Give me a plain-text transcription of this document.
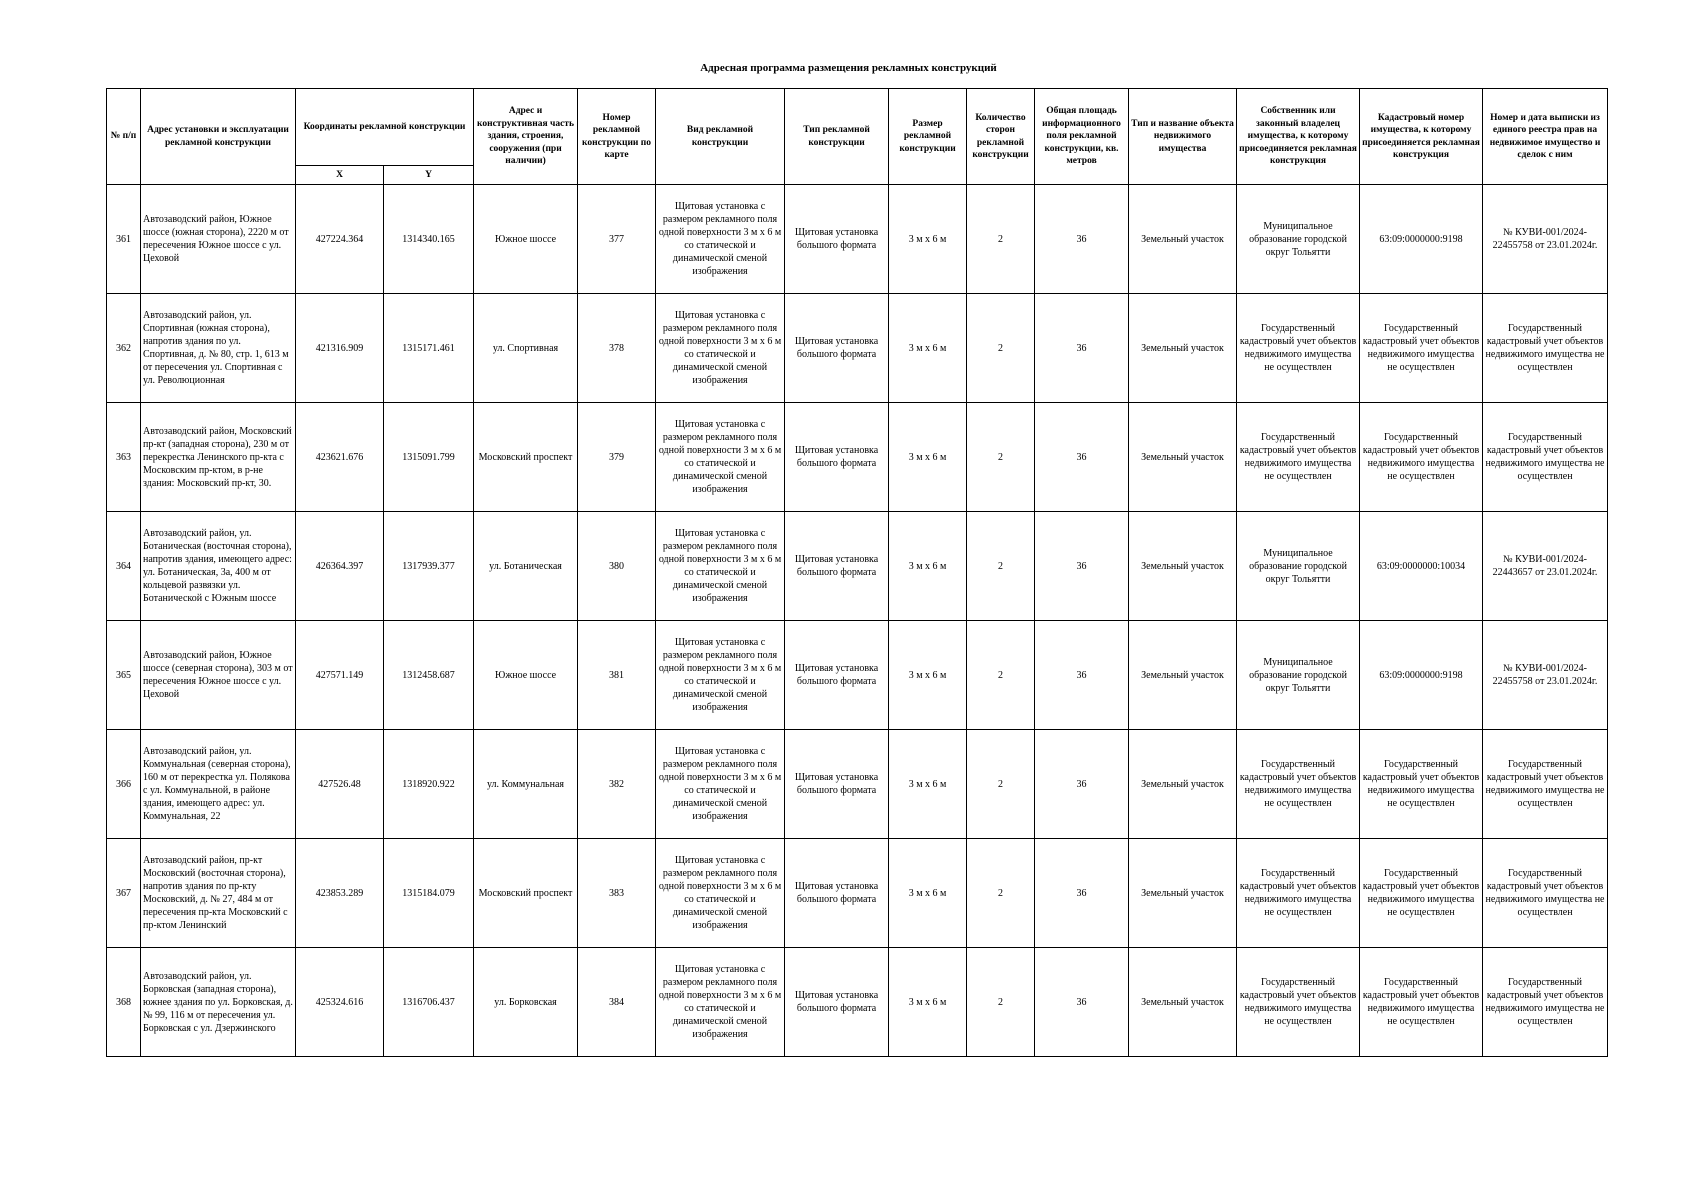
Адресная программа размещения рекламных конструкций
№ п/п	Адрес установки и эксплуатации рекламной конструкции	Координаты рекламной конструкции		Адрес и конструктивная часть здания, строения, сооружения (при наличии)	Номер рекламной конструкции по карте	Вид рекламной конструкции	Тип рекламной конструкции	Размер рекламной конструкции	Количество сторон рекламной конструкции	Общая площадь информационного поля рекламной конструкции, кв. метров	Тип и название объекта недвижимого имущества	Собственник или законный владелец имущества, к которому присоединяется рекламная конструкция	Кадастровый номер имущества, к которому присоединяется рекламная конструкция	Номер и дата выписки из единого реестра прав на недвижимое имущество и сделок с ним
		X	Y											
361	Автозаводский район, Южное шоссе (южная сторона), 2220 м от пересечения Южное шоссе с ул. Цеховой	427224.364	1314340.165	Южное шоссе	377	Щитовая установка с размером рекламного поля одной поверхности 3 м х 6 м со статической и динамической сменой изображения	Щитовая установка большого формата	3 м х 6 м	2	36	Земельный участок	Муниципальное образование городской округ Тольятти	63:09:0000000:9198	№ КУВИ-001/2024-22455758 от 23.01.2024г.
362	Автозаводский район, ул. Спортивная (южная сторона), напротив здания по ул. Спортивная, д. № 80, стр. 1, 613 м от пересечения ул. Спортивная с ул. Революционная	421316.909	1315171.461	ул. Спортивная	378	Щитовая установка с размером рекламного поля одной поверхности 3 м х 6 м со статической и динамической сменой изображения	Щитовая установка большого формата	3 м х 6 м	2	36	Земельный участок	Государственный кадастровый учет объектов недвижимого имущества не осуществлен	Государственный кадастровый учет объектов недвижимого имущества не осуществлен	Государственный кадастровый учет объектов недвижимого имущества не осуществлен
363	Автозаводский район, Московский пр-кт (западная сторона), 230 м от перекрестка Ленинского пр-кта с Московским пр-ктом, в р-не здания: Московский пр-кт, 30.	423621.676	1315091.799	Московский проспект	379	Щитовая установка с размером рекламного поля одной поверхности 3 м х 6 м со статической и динамической сменой изображения	Щитовая установка большого формата	3 м х 6 м	2	36	Земельный участок	Государственный кадастровый учет объектов недвижимого имущества не осуществлен	Государственный кадастровый учет объектов недвижимого имущества не осуществлен	Государственный кадастровый учет объектов недвижимого имущества не осуществлен
364	Автозаводский район, ул. Ботаническая (восточная сторона), напротив здания, имеющего адрес: ул. Ботаническая, 3а, 400 м от кольцевой развязки ул. Ботанической с Южным шоссе	426364.397	1317939.377	ул. Ботаническая	380	Щитовая установка с размером рекламного поля одной поверхности 3 м х 6 м со статической и динамической сменой изображения	Щитовая установка большого формата	3 м х 6 м	2	36	Земельный участок	Муниципальное образование городской округ Тольятти	63:09:0000000:10034	№ КУВИ-001/2024-22443657 от 23.01.2024г.
365	Автозаводский район, Южное шоссе (северная сторона), 303 м от пересечения Южное шоссе с ул. Цеховой	427571.149	1312458.687	Южное шоссе	381	Щитовая установка с размером рекламного поля одной поверхности 3 м х 6 м со статической и динамической сменой изображения	Щитовая установка большого формата	3 м х 6 м	2	36	Земельный участок	Муниципальное образование городской округ Тольятти	63:09:0000000:9198	№ КУВИ-001/2024-22455758 от 23.01.2024г.
366	Автозаводский район, ул. Коммунальная (северная сторона), 160 м от перекрестка ул. Полякова с ул. Коммунальной, в районе здания, имеющего адрес: ул. Коммунальная, 22	427526.48	1318920.922	ул. Коммунальная	382	Щитовая установка с размером рекламного поля одной поверхности 3 м х 6 м со статической и динамической сменой изображения	Щитовая установка большого формата	3 м х 6 м	2	36	Земельный участок	Государственный кадастровый учет объектов недвижимого имущества не осуществлен	Государственный кадастровый учет объектов недвижимого имущества не осуществлен	Государственный кадастровый учет объектов недвижимого имущества не осуществлен
367	Автозаводский район, пр-кт Московский (восточная сторона), напротив здания по пр-кту Московский, д. № 27, 484 м от пересечения пр-кта Московский с пр-ктом Ленинский	423853.289	1315184.079	Московский проспект	383	Щитовая установка с размером рекламного поля одной поверхности 3 м х 6 м со статической и динамической сменой изображения	Щитовая установка большого формата	3 м х 6 м	2	36	Земельный участок	Государственный кадастровый учет объектов недвижимого имущества не осуществлен	Государственный кадастровый учет объектов недвижимого имущества не осуществлен	Государственный кадастровый учет объектов недвижимого имущества не осуществлен
368	Автозаводский район, ул. Борковская (западная сторона), южнее здания по ул. Борковская, д. № 99, 116 м от пересечения ул. Борковская с ул. Дзержинского	425324.616	1316706.437	ул. Борковская	384	Щитовая установка с размером рекламного поля одной поверхности 3 м х 6 м со статической и динамической сменой изображения	Щитовая установка большого формата	3 м х 6 м	2	36	Земельный участок	Государственный кадастровый учет объектов недвижимого имущества не осуществлен	Государственный кадастровый учет объектов недвижимого имущества не осуществлен	Государственный кадастровый учет объектов недвижимого имущества не осуществлен
